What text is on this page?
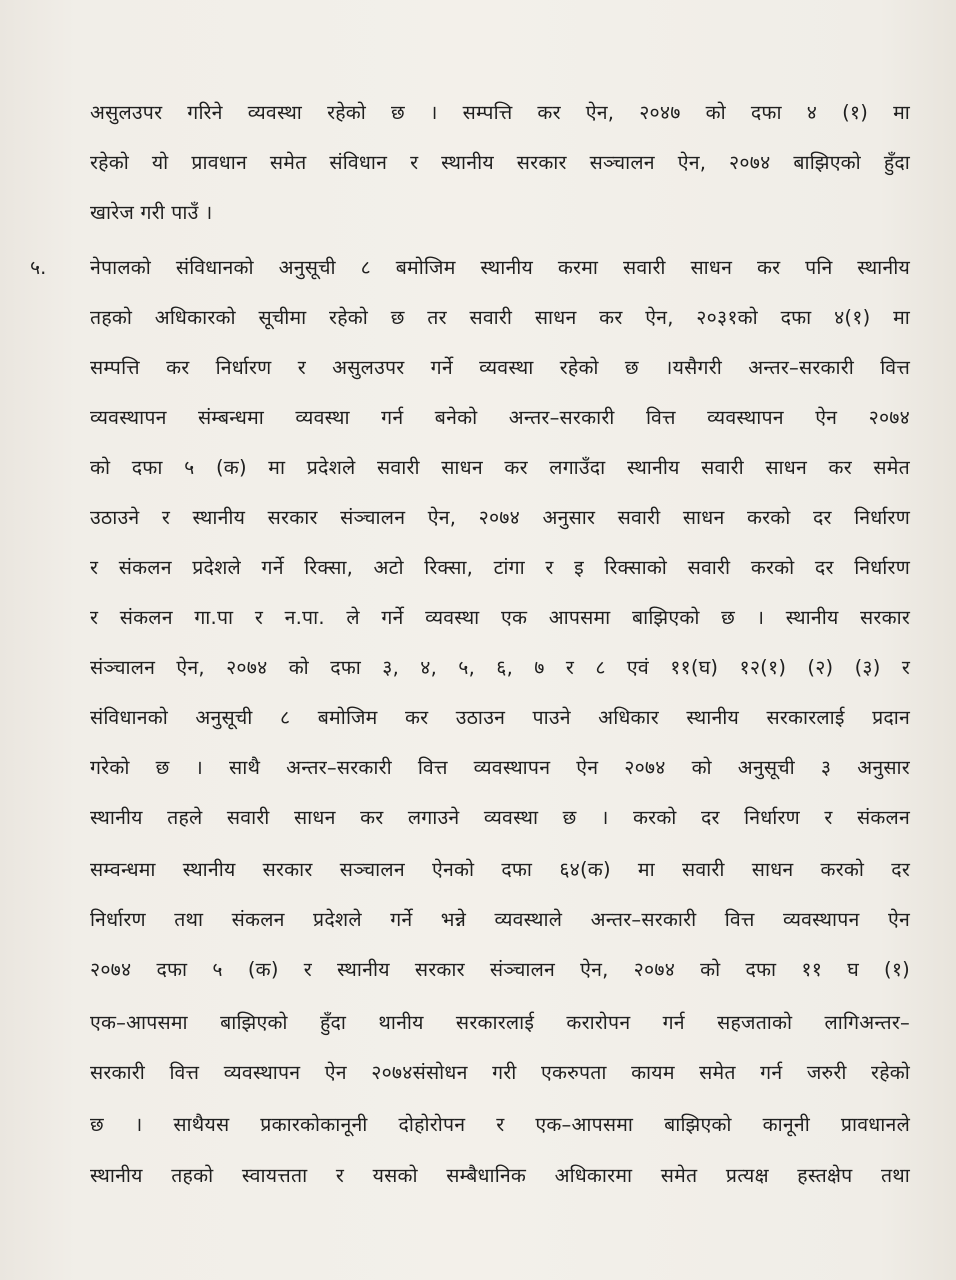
असुलउपर गरिने व्यवस्था रहेको छ । सम्पत्ति कर ऐन, २०४७ को दफा ४ (१) मा
रहेको यो प्रावधान समेत संविधान र स्थानीय सरकार सञ्चालन ऐन, २०७४ बाझिएको हुँदा
खारेज गरी पाउँ ।
५. नेपालको संविधानको अनुसूची ८ बमोजिम स्थानीय करमा सवारी साधन कर पनि स्थानीय
तहको अधिकारको सूचीमा रहेको छ तर सवारी साधन कर ऐन, २०३१को दफा ४(१) मा
सम्पत्ति कर निर्धारण र असुलउपर गर्ने व्यवस्था रहेको छ ।यसैगरी अन्तर–सरकारी वित्त
व्यवस्थापन संम्बन्धमा व्यवस्था गर्न बनेको अन्तर–सरकारी वित्त व्यवस्थापन ऐन २०७४
को दफा ५ (क) मा प्रदेशले सवारी साधन कर लगाउँदा स्थानीय सवारी साधन कर समेत
उठाउने र स्थानीय सरकार संञ्चालन ऐन, २०७४ अनुसार सवारी साधन करको दर निर्धारण
र संकलन प्रदेशले गर्ने रिक्सा, अटो रिक्सा, टांगा र इ रिक्साको सवारी करको दर निर्धारण
र संकलन गा.पा र न.पा. ले गर्ने व्यवस्था एक आपसमा बाझिएको छ । स्थानीय सरकार
संञ्चालन ऐन, २०७४ को दफा ३, ४, ५, ६, ७ र ८ एवं ११(घ) १२(१) (२) (३) र
संविधानको अनुसूची ८ बमोजिम कर उठाउन पाउने अधिकार स्थानीय सरकारलाई प्रदान
गरेको छ । साथै अन्तर–सरकारी वित्त व्यवस्थापन ऐन २०७४ को अनुसूची ३ अनुसार
स्थानीय तहले सवारी साधन कर लगाउने व्यवस्था छ । करको दर निर्धारण र संकलन
सम्वन्धमा स्थानीय सरकार सञ्चालन ऐनको दफा ६४(क) मा सवारी साधन करको दर
निर्धारण तथा संकलन प्रदेशले गर्ने भन्ने व्यवस्थाले अन्तर–सरकारी वित्त व्यवस्थापन ऐन
२०७४ दफा ५ (क) र स्थानीय सरकार संञ्चालन ऐन, २०७४ को दफा ११ घ (१)
एक–आपसमा बाझिएको हुँदा थानीय सरकारलाई करारोपन गर्न सहजताको लागिअन्तर–
सरकारी वित्त व्यवस्थापन ऐन २०७४संसोधन गरी एकरुपता कायम समेत गर्न जरुरी रहेको
छ । साथैयस प्रकारकोकानूनी दोहोरोपन र एक–आपसमा बाझिएको कानूनी प्रावधानले
स्थानीय तहको स्वायत्तता र यसको सम्बैधानिक अधिकारमा समेत प्रत्यक्ष हस्तक्षेप तथा
